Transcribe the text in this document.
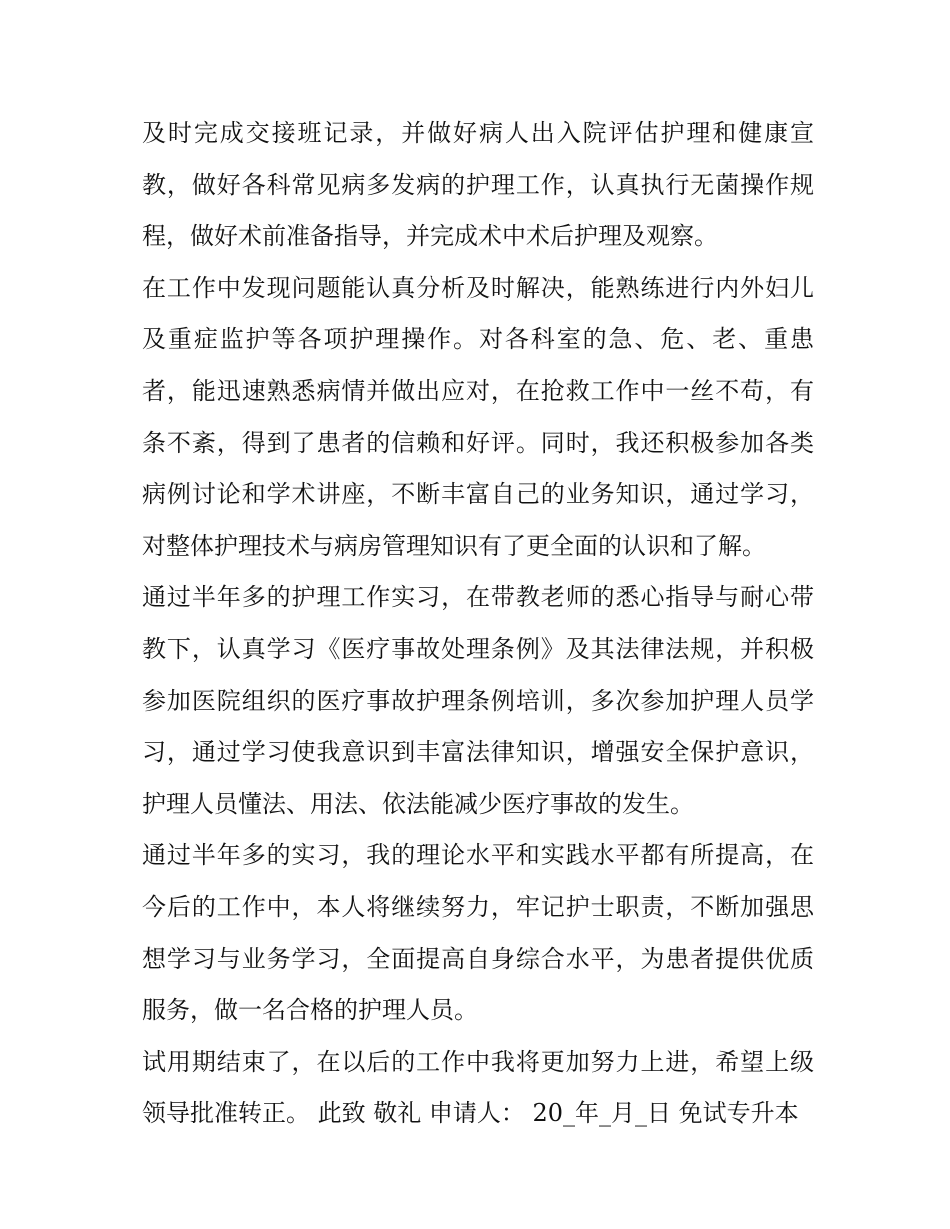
及时完成交接班记录，并做好病人出入院评估护理和健康宣
教，做好各科常见病多发病的护理工作，认真执行无菌操作规
程，做好术前准备指导，并完成术中术后护理及观察。
在工作中发现问题能认真分析及时解决，能熟练进行内外妇儿
及重症监护等各项护理操作。对各科室的急、危、老、重患
者，能迅速熟悉病情并做出应对，在抢救工作中一丝不苟，有
条不紊，得到了患者的信赖和好评。同时，我还积极参加各类
病例讨论和学术讲座，不断丰富自己的业务知识，通过学习，
对整体护理技术与病房管理知识有了更全面的认识和了解。
通过半年多的护理工作实习，在带教老师的悉心指导与耐心带
教下，认真学习《医疗事故处理条例》及其法律法规，并积极
参加医院组织的医疗事故护理条例培训，多次参加护理人员学
习，通过学习使我意识到丰富法律知识，增强安全保护意识，
护理人员懂法、用法、依法能减少医疗事故的发生。
通过半年多的实习，我的理论水平和实践水平都有所提高，在
今后的工作中，本人将继续努力，牢记护士职责，不断加强思
想学习与业务学习，全面提高自身综合水平，为患者提供优质
服务，做一名合格的护理人员。
试用期结束了，在以后的工作中我将更加努力上进，希望上级
领导批准转正。 此致 敬礼 申请人： 20_年_月_日 免试专升本
